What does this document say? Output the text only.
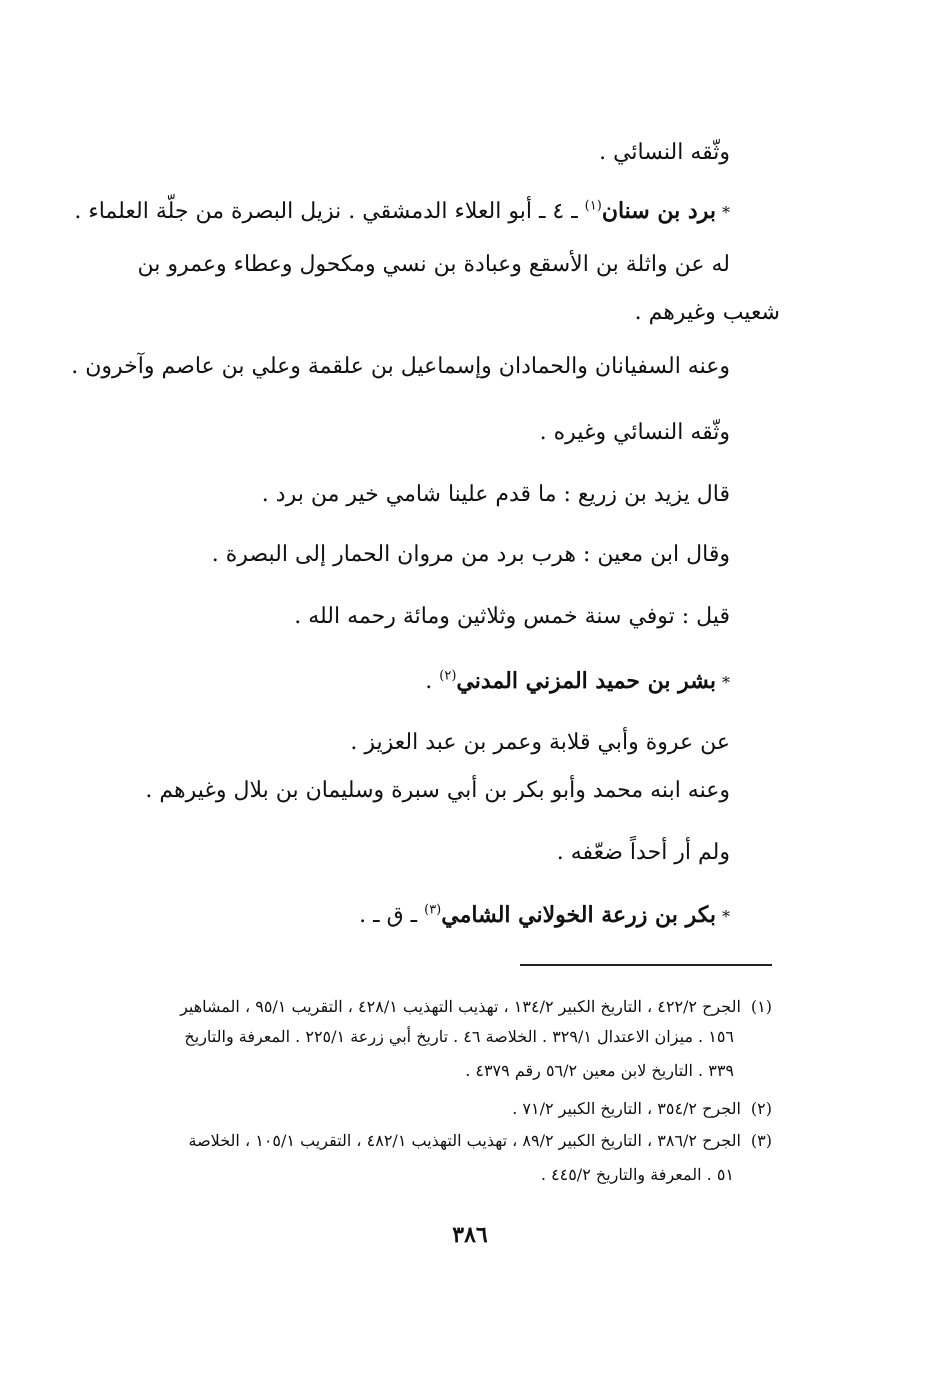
وثّقه النسائي .
*برد بن سنان$^{(١)}$ ـ ٤ ـ أبو العلاء الدمشقي . نزيل البصرة من جلّة العلماء .
له عن واثلة بن الأسقع وعبادة بن نسي ومكحول وعطاء وعمرو بن
شعيب وغيرهم .
وعنه السفيانان والحمادان وإسماعيل بن علقمة وعلي بن عاصم وآخرون .
وثّقه النسائي وغيره .
قال يزيد بن زريع : ما قدم علينا شامي خير من برد .
وقال ابن معين : هرب برد من مروان الحمار إلى البصرة .
قيل : توفي سنة خمس وثلاثين ومائة رحمه الله .
*بشر بن حميد المزني المدني$^{(٢)}$ .
عن عروة وأبي قلابة وعمر بن عبد العزيز .
وعنه ابنه محمد وأبو بكر بن أبي سبرة وسليمان بن بلال وغيرهم .
ولم أر أحداً ضعّفه .
*بكر بن زرعة الخولاني الشامي$^{(٣)}$ ـ ق ـ .
(١)الجرح ٤٢٢/٢ ، التاريخ الكبير ١٣٤/٢ ، تهذيب التهذيب ٤٢٨/١ ، التقريب ٩٥/١ ، المشاهير
١٥٦ . ميزان الاعتدال ٣٢٩/١ . الخلاصة ٤٦ . تاريخ أبي زرعة ٢٢٥/١ . المعرفة والتاريخ
٣٣٩ . التاريخ لابن معين ٥٦/٢ رقم ٤٣٧٩ .
(٢)الجرح ٣٥٤/٢ ، التاريخ الكبير ٧١/٢ .
(٣)الجرح ٣٨٦/٢ ، التاريخ الكبير ٨٩/٢ ، تهذيب التهذيب ٤٨٢/١ ، التقريب ١٠٥/١ ، الخلاصة
٥١ . المعرفة والتاريخ ٤٤٥/٢ .
٣٨٦
